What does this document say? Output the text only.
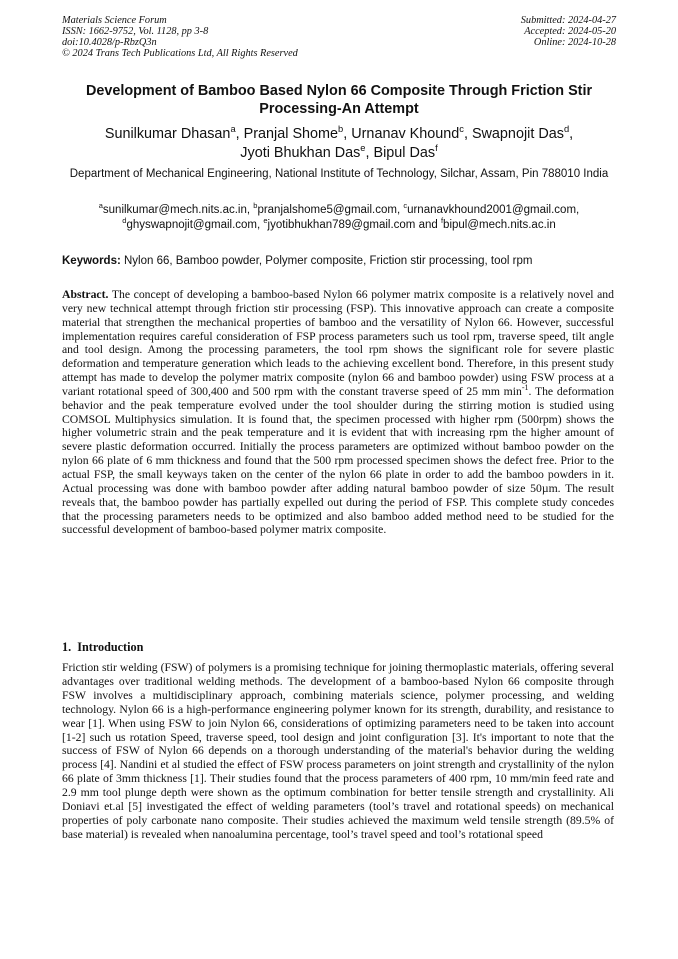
Materials Science Forum
ISSN: 1662-9752, Vol. 1128, pp 3-8
doi:10.4028/p-RbzQ3n
© 2024 Trans Tech Publications Ltd, All Rights Reserved
Submitted: 2024-04-27
Accepted: 2024-05-20
Online: 2024-10-28
Development of Bamboo Based Nylon 66 Composite Through Friction Stir Processing-An Attempt
Sunilkumar Dhasan$^a$, Pranjal Shome$^b$, Urnanav Khound$^c$, Swapnojit Das$^d$,
Jyoti Bhukhan Das$^e$, Bipul Das$^f$
Department of Mechanical Engineering, National Institute of Technology, Silchar, Assam, Pin 788010 India
$^a$sunilkumar@mech.nits.ac.in, $^b$pranjalshome5@gmail.com, $^c$urnanavkhound2001@gmail.com,
$^d$ghyswapnojit@gmail.com, $^e$jyotibhukhan789@gmail.com and $^f$bipul@mech.nits.ac.in
Keywords: Nylon 66, Bamboo powder, Polymer composite, Friction stir processing, tool rpm
Abstract. The concept of developing a bamboo-based Nylon 66 polymer matrix composite is a relatively novel and very new technical attempt through friction stir processing (FSP). This innovative approach can create a composite material that strengthen the mechanical properties of bamboo and the versatility of Nylon 66. However, successful implementation requires careful consideration of FSP process parameters such us tool rpm, traverse speed, tilt angle and tool design. Among the processing parameters, the tool rpm shows the significant role for severe plastic deformation and temperature generation which leads to the achieving excellent bond. Therefore, in this present study attempt has made to develop the polymer matrix composite (nylon 66 and bamboo powder) using FSW process at a variant rotational speed of 300,400 and 500 rpm with the constant traverse speed of 25 mm $\min^{-1}$. The deformation behavior and the peak temperature evolved under the tool shoulder during the stirring motion is studied using COMSOL Multiphysics simulation. It is found that, the specimen processed with higher rpm (500rpm) shows the higher volumetric strain and the peak temperature and it is evident that with increasing rpm the higher amount of severe plastic deformation occurred. Initially the process parameters are optimized without bamboo powder on the nylon 66 plate of 6 mm thickness and found that the 500 rpm processed specimen shows the defect free. Prior to the actual FSP, the small keyways taken on the center of the nylon 66 plate in order to add the bamboo powders in it. Actual processing was done with bamboo powder after adding natural bamboo powder of size 50µm. The result reveals that, the bamboo powder has partially expelled out during the period of FSP. This complete study concedes that the processing parameters needs to be optimized and also bamboo added method need to be studied for the successful development of bamboo-based polymer matrix composite.
1.  Introduction
Friction stir welding (FSW) of polymers is a promising technique for joining thermoplastic materials, offering several advantages over traditional welding methods. The development of a bamboo-based Nylon 66 composite through FSW involves a multidisciplinary approach, combining materials science, polymer processing, and welding technology. Nylon 66 is a high-performance engineering polymer known for its strength, durability, and resistance to wear [1]. When using FSW to join Nylon 66, considerations of optimizing parameters need to be taken into account [1-2] such us rotation Speed, traverse speed, tool design and joint configuration [3]. It's important to note that the success of FSW of Nylon 66 depends on a thorough understanding of the material's behavior during the welding process [4]. Nandini et al studied the effect of FSW process parameters on joint strength and crystallinity of the nylon 66 plate of 3mm thickness [1]. Their studies found that the process parameters of 400 rpm, 10 mm/min feed rate and 2.9 mm tool plunge depth were shown as the optimum combination for better tensile strength and crystallinity. Ali Doniavi et.al [5] investigated the effect of welding parameters (tool’s travel and rotational speeds) on mechanical properties of poly carbonate nano composite. Their studies achieved the maximum weld tensile strength (89.5% of base material) is revealed when nanoalumina percentage, tool’s travel speed and tool’s rotational speed
